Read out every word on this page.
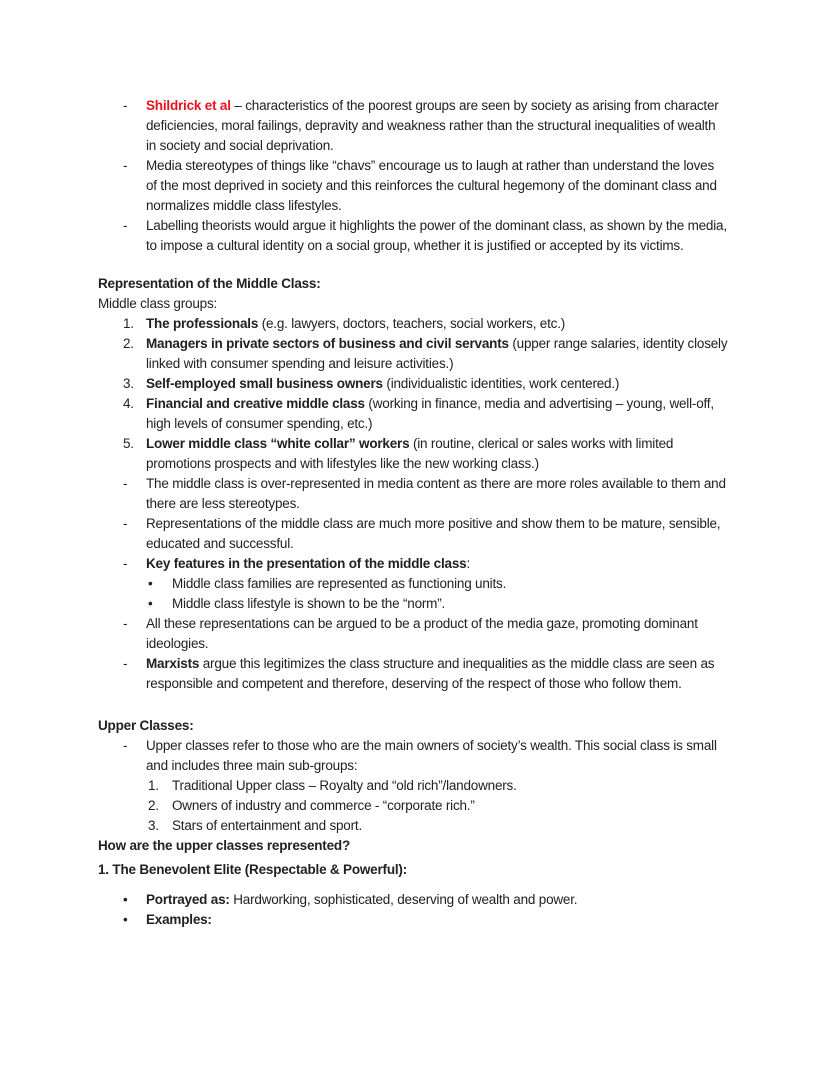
-	Shildrick et al – characteristics of the poorest groups are seen by society as arising from character deficiencies, moral failings, depravity and weakness rather than the structural inequalities of wealth in society and social deprivation.
-	Media stereotypes of things like “chavs” encourage us to laugh at rather than understand the loves of the most deprived in society and this reinforces the cultural hegemony of the dominant class and normalizes middle class lifestyles.
-	Labelling theorists would argue it highlights the power of the dominant class, as shown by the media, to impose a cultural identity on a social group, whether it is justified or accepted by its victims.

Representation of the Middle Class:

Middle class groups:

1. The professionals (e.g. lawyers, doctors, teachers, social workers, etc.)
2. Managers in private sectors of business and civil servants (upper range salaries, identity closely linked with consumer spending and leisure activities.)
3. Self-employed small business owners (individualistic identities, work centered.)
4. Financial and creative middle class (working in finance, media and advertising – young, well-off, high levels of consumer spending, etc.)
5. Lower middle class “white collar” workers (in routine, clerical or sales works with limited promotions prospects and with lifestyles like the new working class.)
-	The middle class is over-represented in media content as there are more roles available to them and there are less stereotypes.
-	Representations of the middle class are much more positive and show them to be mature, sensible, educated and successful.
-	Key features in the presentation of the middle class:
•	Middle class families are represented as functioning units.
•	Middle class lifestyle is shown to be the “norm”.
-	All these representations can be argued to be a product of the media gaze, promoting dominant ideologies.
-	Marxists argue this legitimizes the class structure and inequalities as the middle class are seen as responsible and competent and therefore, deserving of the respect of those who follow them.

Upper Classes:

-	Upper classes refer to those who are the main owners of society’s wealth. This social class is small and includes three main sub-groups:
1. Traditional Upper class – Royalty and “old rich”/landowners.
2. Owners of industry and commerce - “corporate rich.”
3. Stars of entertainment and sport.

How are the upper classes represented?

1. The Benevolent Elite (Respectable & Powerful):

•	Portrayed as: Hardworking, sophisticated, deserving of wealth and power.
•	Examples:
